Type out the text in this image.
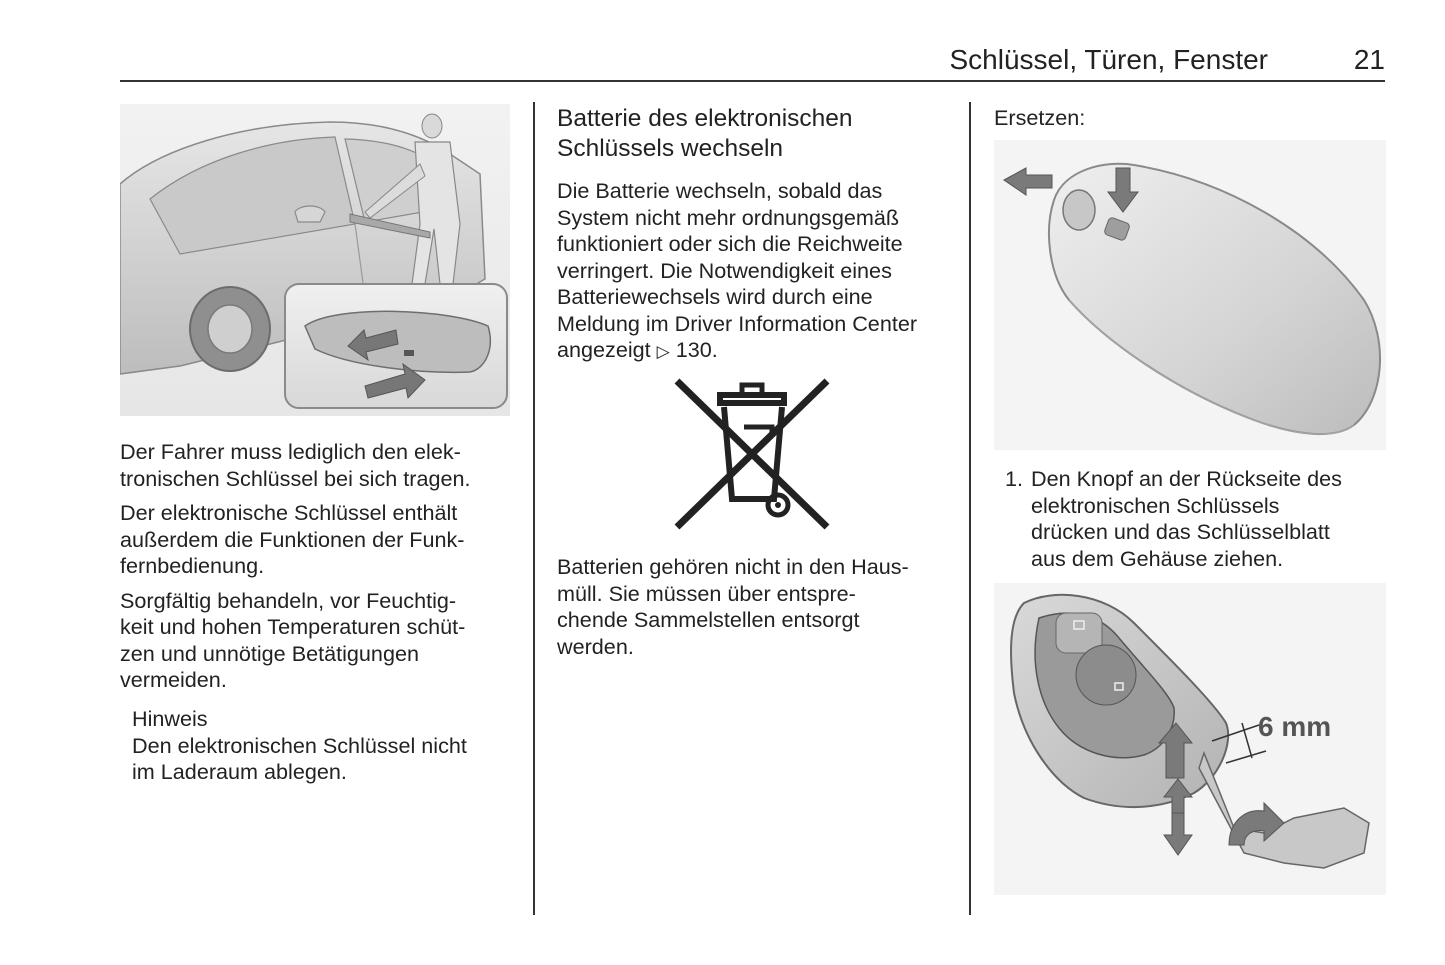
Schlüssel, Türen, Fenster	21

Der Fahrer muss lediglich den elek-

tronischen Schlüssel bei sich tragen.

Der elektronische Schlüssel enthält

außerdem die Funktionen der Funk-

fernbedienung.

Sorgfältig behandeln, vor Feuchtig-

keit und hohen Temperaturen schüt-

zen und unnötige Betätigungen

vermeiden.

Hinweis

Den elektronischen Schlüssel nicht

im Laderaum ablegen.

Batterie des elektronischen

Schlüssels wechseln

Die Batterie wechseln, sobald das

System nicht mehr ordnungsgemäß

funktioniert oder sich die Reichweite

verringert. Die Notwendigkeit eines

Batteriewechsels wird durch eine

Meldung im Driver Information Center

angezeigt ▷ 130.

Batterien gehören nicht in den Haus-

müll. Sie müssen über entspre-

chende Sammelstellen entsorgt

werden.

Ersetzen:

1. Den Knopf an der Rückseite des

elektronischen Schlüssels

drücken und das Schlüsselblatt

aus dem Gehäuse ziehen.

6 mm
